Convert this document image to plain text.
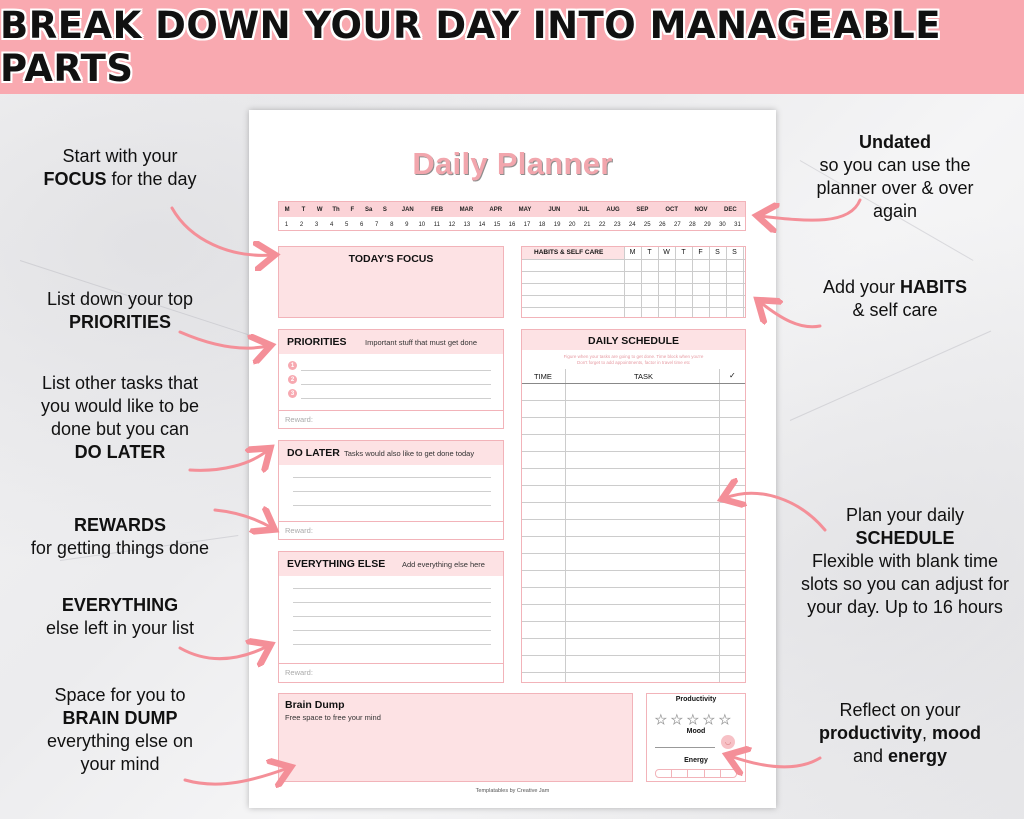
BREAK DOWN YOUR DAY INTO MANAGEABLE PARTS
Start with your
FOCUS for the day
List down your top
PRIORITIES
List other tasks that
you would like to be
done but you can
DO LATER
REWARDS
for getting things done
EVERYTHING
else left in your list
Space for you to
BRAIN DUMP
everything else on
your mind
Undated
so you can use the
planner over & over
again
Add your HABITS
& self care
Plan your daily
SCHEDULE
Flexible with blank time
slots so you can adjust for
your day. Up to 16 hours
Reflect on your
productivity, mood
and energy
Daily Planner
M	T	W	Th	F	Sa	S	JAN	FEB	MAR	APR	MAY	JUN	JUL	AUG	SEP	OCT	NOV	DEC
1	2	3	4	5	6	7	8	9	10	11	12	13	14	15	16	17	18	19	20	21	22	23	24	25	26	27	28	29	30	31
TODAY'S FOCUS
HABITS & SELF CARE	M	T	W	T	F	S	S
PRIORITIES Important stuff that must get done
1
2
3
Reward:
DO LATER Tasks would also like to get done today
Reward:
EVERYTHING ELSE Add everything else here
Reward:
DAILY SCHEDULE
Figure when your tasks are going to get done. Time block when you're
Don't forget to add appointments, factor in travel time etc
TIME	TASK	✓
Brain Dump
Free space to free your mind
Productivity
★ ★ ★ ★ ★
Mood
◡
Energy
Templatables by Creative Jam
